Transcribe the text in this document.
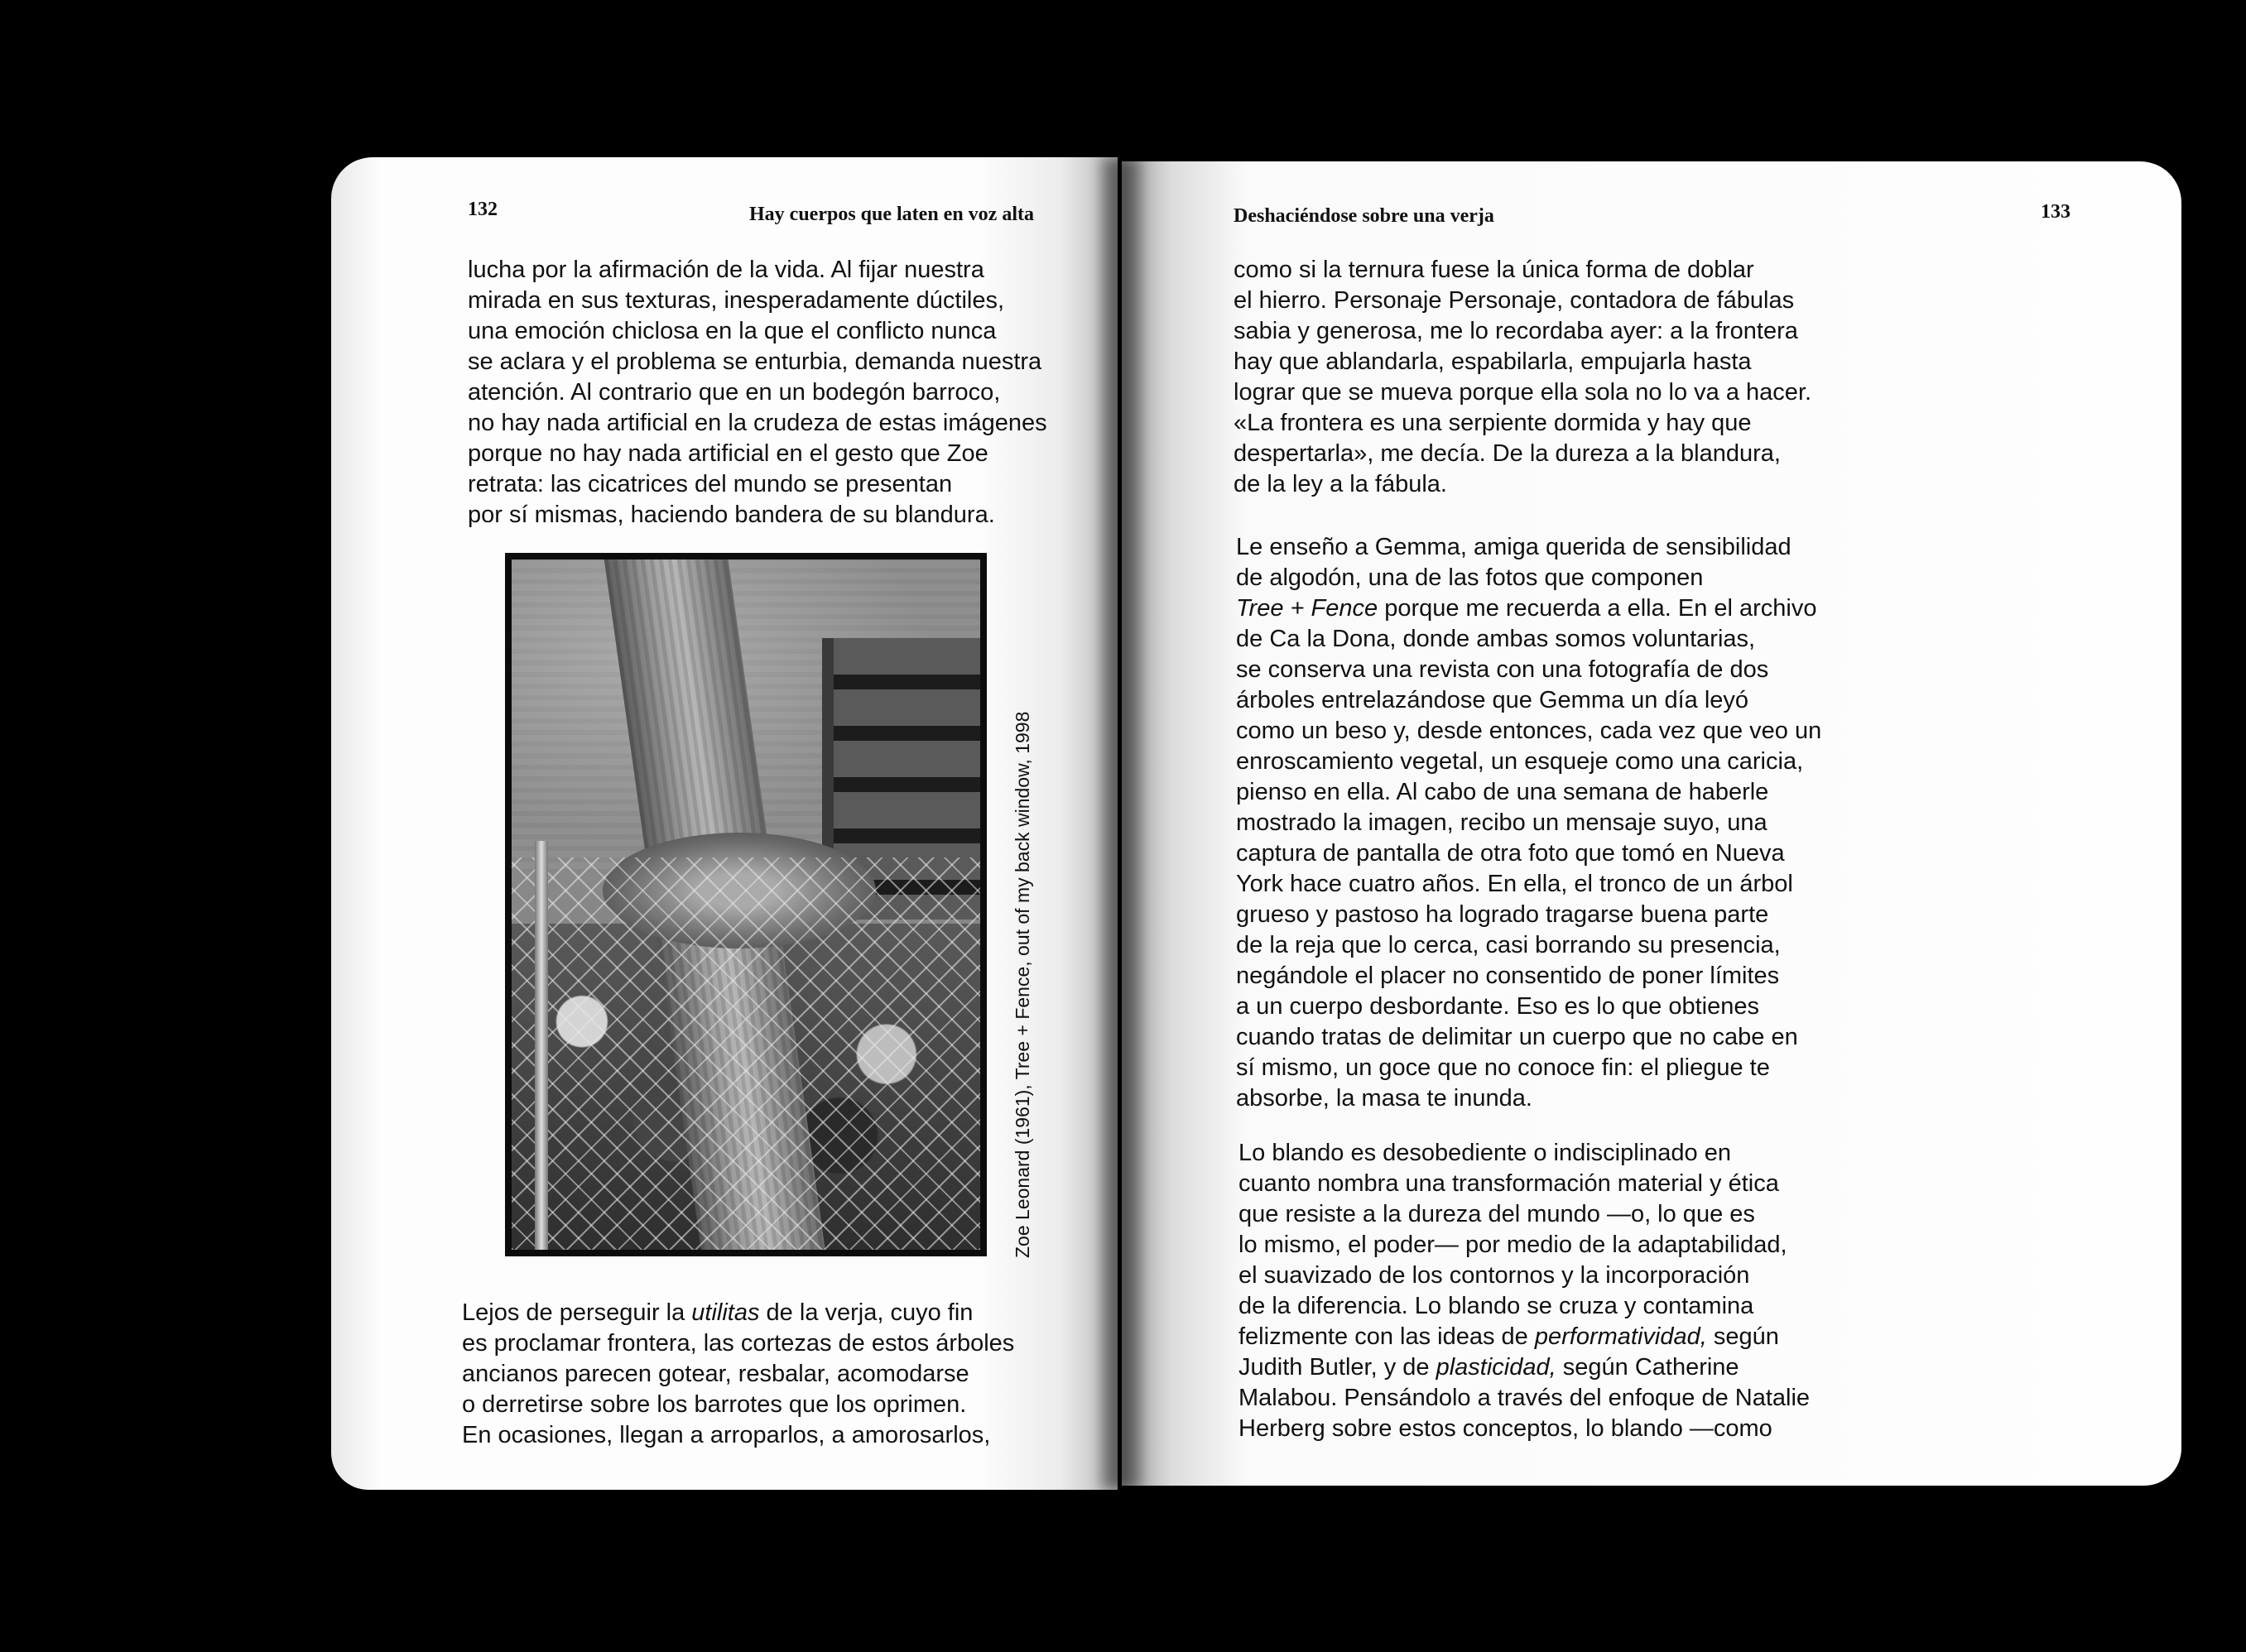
132	Hay cuerpos que laten en voz alta

lucha por la afirmación de la vida. Al fijar nuestra

mirada en sus texturas, inesperadamente dúctiles,

una emoción chiclosa en la que el conflicto nunca

se aclara y el problema se enturbia, demanda nuestra

atención. Al contrario que en un bodegón barroco,

no hay nada artificial en la crudeza de estas imágenes

porque no hay nada artificial en el gesto que Zoe

retrata: las cicatrices del mundo se presentan

por sí mismas, haciendo bandera de su blandura.

Zoe Leonard (1961), Tree + Fence, out of my back window, 1998

Lejos de perseguir la utilitas de la verja, cuyo fin

es proclamar frontera, las cortezas de estos árboles

ancianos parecen gotear, resbalar, acomodarse

o derretirse sobre los barrotes que los oprimen.

En ocasiones, llegan a arroparlos, a amorosarlos,

Deshaciéndose sobre una verja	133

como si la ternura fuese la única forma de doblar

el hierro. Personaje Personaje, contadora de fábulas

sabia y generosa, me lo recordaba ayer: a la frontera

hay que ablandarla, espabilarla, empujarla hasta

lograr que se mueva porque ella sola no lo va a hacer.

«La frontera es una serpiente dormida y hay que

despertarla», me decía. De la dureza a la blandura,

de la ley a la fábula.

Le enseño a Gemma, amiga querida de sensibilidad

de algodón, una de las fotos que componen

Tree + Fence porque me recuerda a ella. En el archivo

de Ca la Dona, donde ambas somos voluntarias,

se conserva una revista con una fotografía de dos

árboles entrelazándose que Gemma un día leyó

como un beso y, desde entonces, cada vez que veo un

enroscamiento vegetal, un esqueje como una caricia,

pienso en ella. Al cabo de una semana de haberle

mostrado la imagen, recibo un mensaje suyo, una

captura de pantalla de otra foto que tomó en Nueva

York hace cuatro años. En ella, el tronco de un árbol

grueso y pastoso ha logrado tragarse buena parte

de la reja que lo cerca, casi borrando su presencia,

negándole el placer no consentido de poner límites

a un cuerpo desbordante. Eso es lo que obtienes

cuando tratas de delimitar un cuerpo que no cabe en

sí mismo, un goce que no conoce fin: el pliegue te

absorbe, la masa te inunda.

Lo blando es desobediente o indisciplinado en

cuanto nombra una transformación material y ética

que resiste a la dureza del mundo —o, lo que es

lo mismo, el poder— por medio de la adaptabilidad,

el suavizado de los contornos y la incorporación

de la diferencia. Lo blando se cruza y contamina

felizmente con las ideas de performatividad, según

Judith Butler, y de plasticidad, según Catherine

Malabou. Pensándolo a través del enfoque de Natalie

Herberg sobre estos conceptos, lo blando —como
